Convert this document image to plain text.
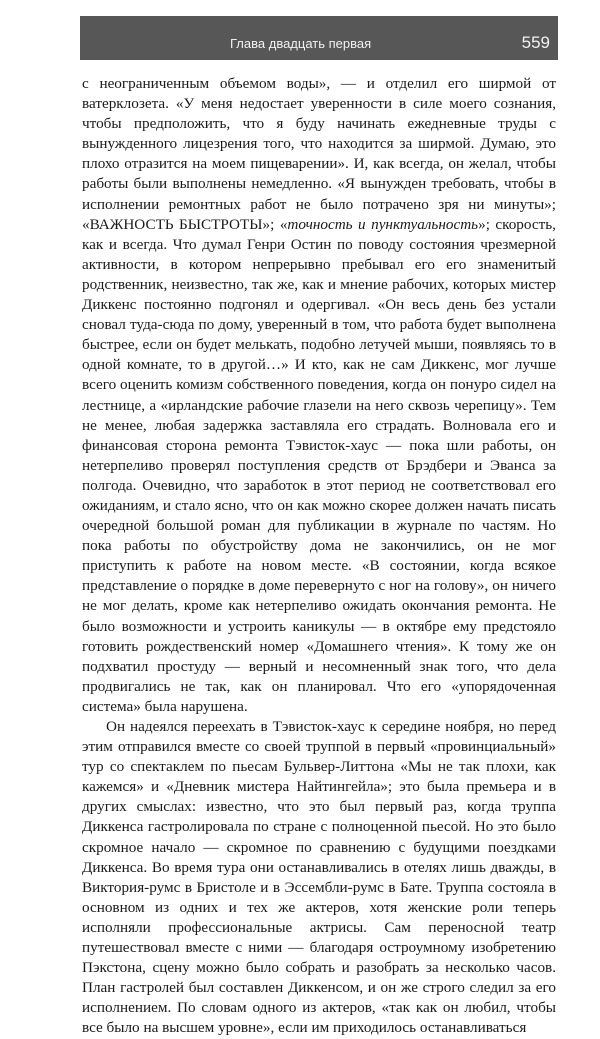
Глава двадцать первая	559

с неограниченным объемом воды», — и отделил его ширмой от ватерклозета. «У меня недостает уверенности в силе моего сознания, чтобы предположить, что я буду начинать ежедневные труды с вынужденного лицезрения того, что находится за ширмой. Думаю, это плохо отразится на моем пищеварении». И, как всегда, он желал, чтобы работы были выполнены немедленно. «Я вынужден требовать, чтобы в исполнении ремонтных работ не было потрачено зря ни минуты»; «ВАЖНОСТЬ БЫСТРОТЫ»; «точность и пунктуальность»; скорость, как и всегда. Что думал Генри Остин по поводу состояния чрезмерной активности, в котором непрерывно пребывал его его знаменитый родственник, неизвестно, так же, как и мнение рабочих, которых мистер Диккенс постоянно подгонял и одергивал. «Он весь день без устали сновал туда-сюда по дому, уверенный в том, что работа будет выполнена быстрее, если он будет мелькать, подобно летучей мыши, появляясь то в одной комнате, то в другой…» И кто, как не сам Диккенс, мог лучше всего оценить комизм собственного поведения, когда он понуро сидел на лестнице, а «ирландские рабочие глазели на него сквозь черепицу». Тем не менее, любая задержка заставляла его страдать. Волновала его и финансовая сторона ремонта Тэвисток-хаус — пока шли работы, он нетерпеливо проверял поступления средств от Брэдбери и Эванса за полгода. Очевидно, что заработок в этот период не соответствовал его ожиданиям, и стало ясно, что он как можно скорее должен начать писать очередной большой роман для публикации в журнале по частям. Но пока работы по обустройству дома не закончились, он не мог приступить к работе на новом месте. «В состоянии, когда всякое представление о порядке в доме перевернуто с ног на голову», он ничего не мог делать, кроме как нетерпеливо ожидать окончания ремонта. Не было возможности и устроить каникулы — в октябре ему предстояло готовить рождественский номер «Домашнего чтения». К тому же он подхватил простуду — верный и несомненный знак того, что дела продвигались не так, как он планировал. Что его «упорядоченная система» была нарушена.

Он надеялся переехать в Тэвисток-хаус к середине ноября, но перед этим отправился вместе со своей труппой в первый «провинциальный» тур со спектаклем по пьесам Бульвер-Литтона «Мы не так плохи, как кажемся» и «Дневник мистера Найтингейла»; это была премьера и в других смыслах: известно, что это был первый раз, когда труппа Диккенса гастролировала по стране с полноценной пьесой. Но это было скромное начало — скромное по сравнению с будущими поездками Диккенса. Во время тура они останавливались в отелях лишь дважды, в Виктория-румс в Бристоле и в Эссембли-румс в Бате. Труппа состояла в основном из одних и тех же актеров, хотя женские роли теперь исполняли профессиональные актрисы. Сам переносной театр путешествовал вместе с ними — благодаря остроумному изобретению Пэкстона, сцену можно было собрать и разобрать за несколько часов. План гастролей был составлен Диккенсом, и он же строго следил за его исполнением. По словам одного из актеров, «так как он любил, чтобы все было на высшем уровне», если им приходилось останавливаться
